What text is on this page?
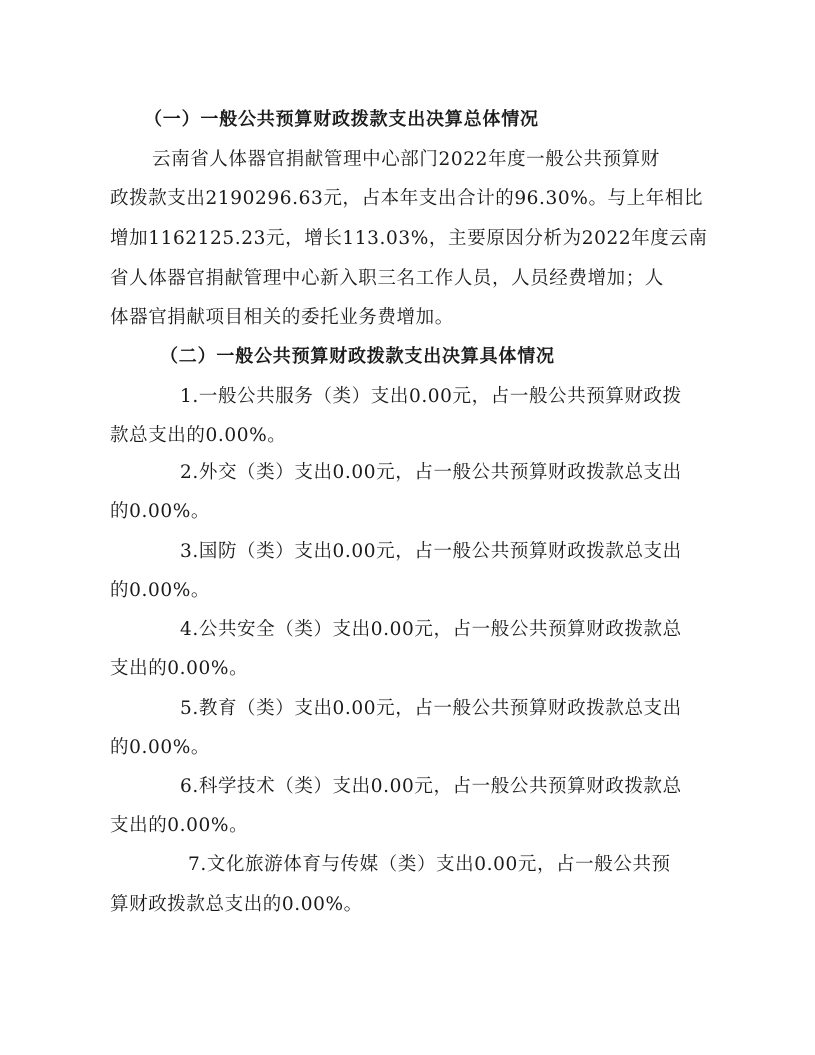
（一）一般公共预算财政拨款支出决算总体情况
云南省人体器官捐献管理中心部门2022年度一般公共预算财
政拨款支出2190296.63元，占本年支出合计的96.30%。与上年相比
增加1162125.23元，增长113.03%，主要原因分析为2022年度云南
省人体器官捐献管理中心新入职三名工作人员，人员经费增加；人
体器官捐献项目相关的委托业务费增加。
（二）一般公共预算财政拨款支出决算具体情况
1.一般公共服务（类）支出0.00元，占一般公共预算财政拨
款总支出的0.00%。
2.外交（类）支出0.00元，占一般公共预算财政拨款总支出
的0.00%。
3.国防（类）支出0.00元，占一般公共预算财政拨款总支出
的0.00%。
4.公共安全（类）支出0.00元，占一般公共预算财政拨款总
支出的0.00%。
5.教育（类）支出0.00元，占一般公共预算财政拨款总支出
的0.00%。
6.科学技术（类）支出0.00元，占一般公共预算财政拨款总
支出的0.00%。
7.文化旅游体育与传媒（类）支出0.00元，占一般公共预
算财政拨款总支出的0.00%。
